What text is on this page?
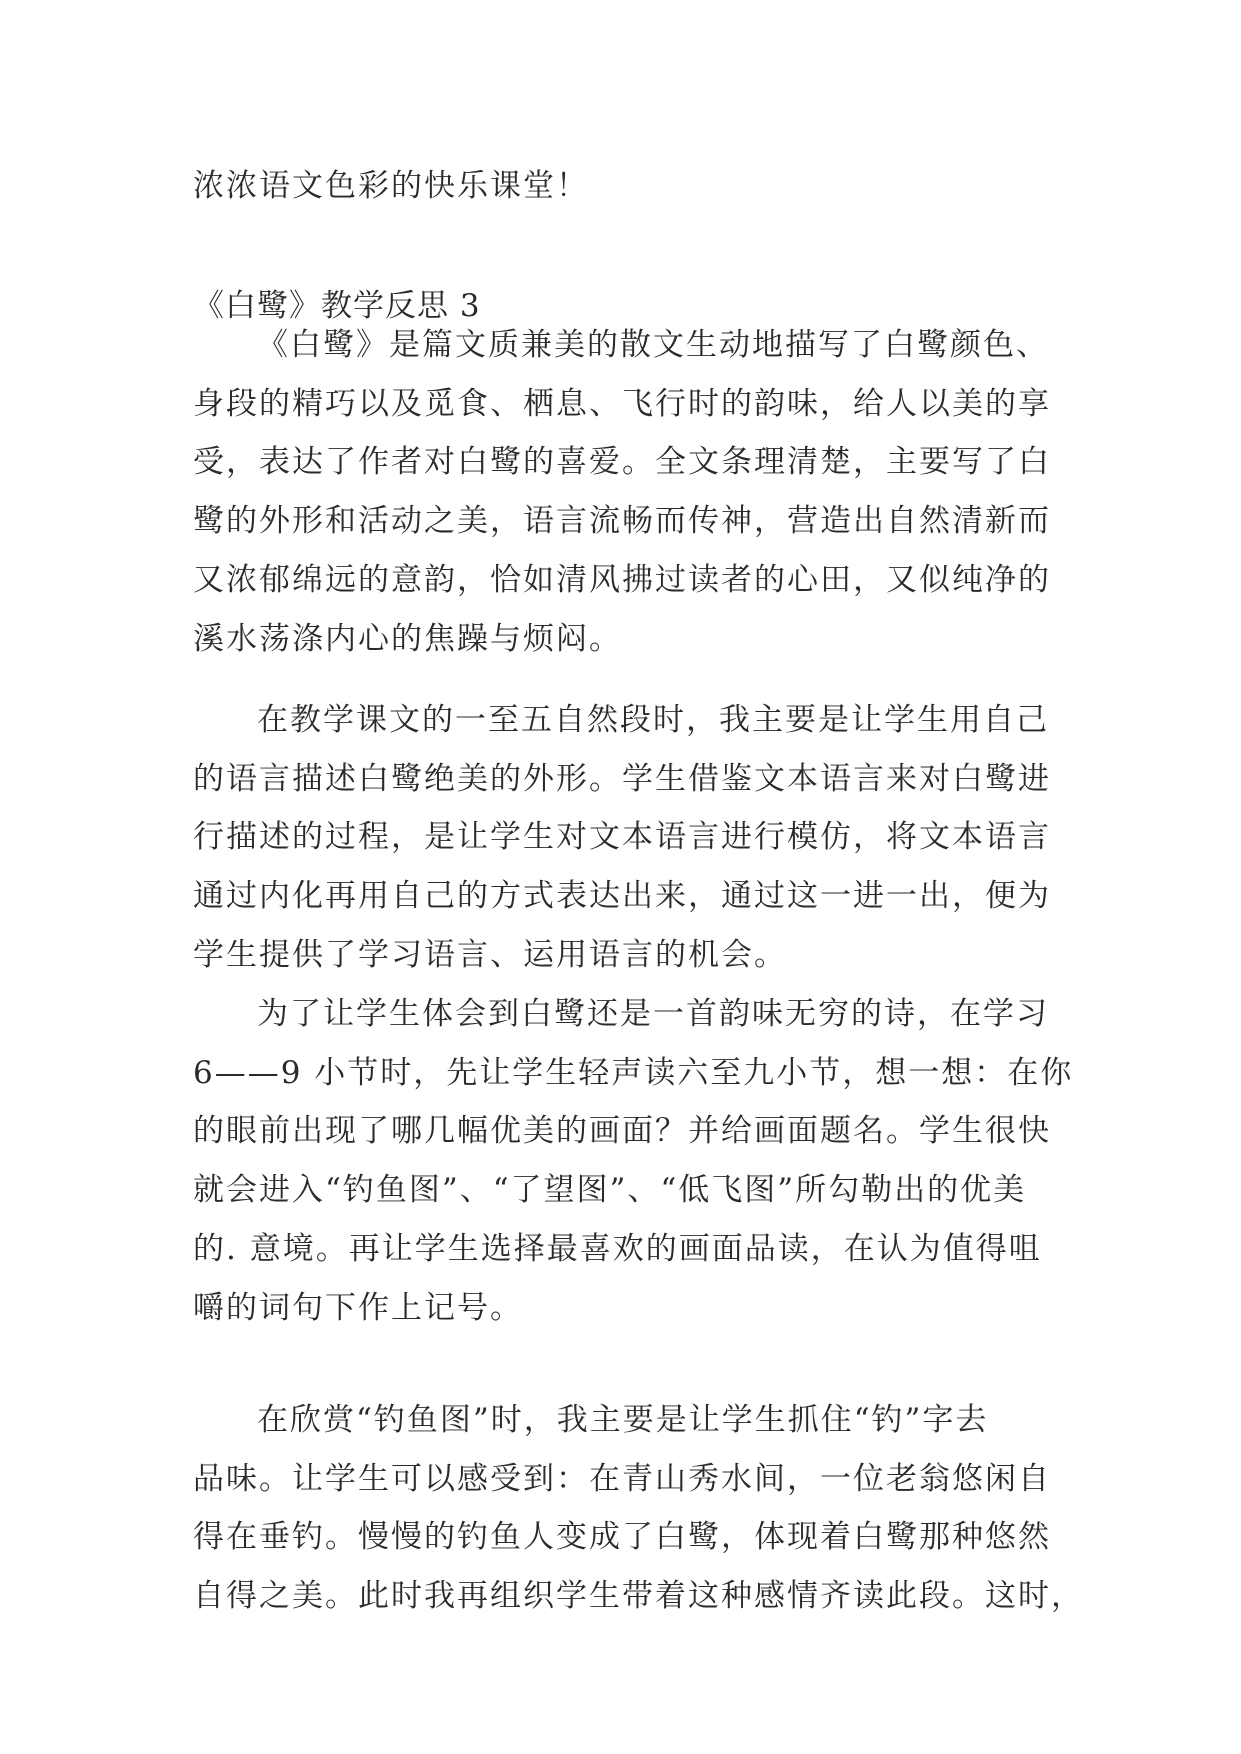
浓浓语文色彩的快乐课堂！
《白鹭》教学反思 3
《白鹭》是篇文质兼美的散文生动地描写了白鹭颜色、
身段的精巧以及觅食、栖息、飞行时的韵味，给人以美的享
受，表达了作者对白鹭的喜爱。全文条理清楚，主要写了白
鹭的外形和活动之美，语言流畅而传神，营造出自然清新而
又浓郁绵远的意韵，恰如清风拂过读者的心田，又似纯净的
溪水荡涤内心的焦躁与烦闷。
在教学课文的一至五自然段时，我主要是让学生用自己
的语言描述白鹭绝美的外形。学生借鉴文本语言来对白鹭进
行描述的过程，是让学生对文本语言进行模仿，将文本语言
通过内化再用自己的方式表达出来，通过这一进一出，便为
学生提供了学习语言、运用语言的机会。
为了让学生体会到白鹭还是一首韵味无穷的诗，在学习
6——9 小节时，先让学生轻声读六至九小节，想一想：在你
的眼前出现了哪几幅优美的画面？并给画面题名。学生很快
就会进入“钓鱼图”、“了望图”、“低飞图”所勾勒出的优美
的. 意境。再让学生选择最喜欢的画面品读，在认为值得咀
嚼的词句下作上记号。
在欣赏“钓鱼图”时，我主要是让学生抓住“钓”字去
品味。让学生可以感受到：在青山秀水间，一位老翁悠闲自
得在垂钓。慢慢的钓鱼人变成了白鹭，体现着白鹭那种悠然
自得之美。此时我再组织学生带着这种感情齐读此段。这时，
